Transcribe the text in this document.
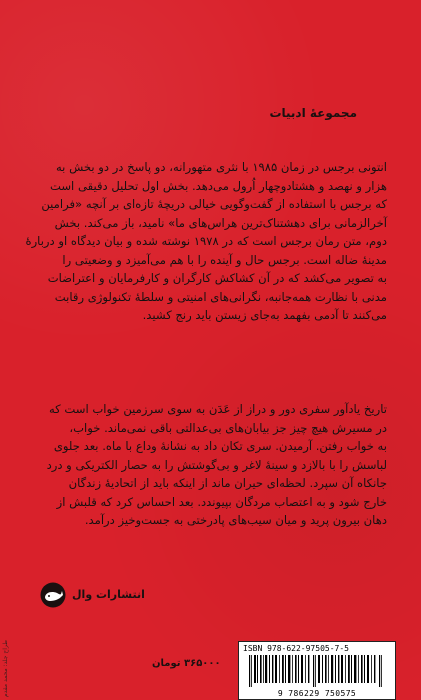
مجموعهٔ ادبیات
انتونی برجس در زمان ۱۹۸۵ با نثری متهورانه، دو پاسخ در دو بخش به
هزار و نهصد و هشتادوچهار اُرول می‌دهد. بخش اول تحلیل دقیقی است
که برجس با استفاده از گفت‌وگویی خیالی دریچهٔ تازه‌ای بر آنچه «فرامین
آخرالزمانی برای دهشتناک‌ترین هراس‌های ما» نامید، باز می‌کند. بخش
دوم، متن رمان برجس است که در ۱۹۷۸ نوشته شده و بیان دیدگاه او دربارهٔ
مدینهٔ ضاله است. برجس حال و آینده را با هم می‌آمیزد و وضعیتی را
به تصویر می‌کشد که در آن کشاکش کارگران و کارفرمایان و اعتراضات
مدنی با نظارت همه‌جانبه، نگرانی‌های امنیتی و سلطهٔ تکنولوژی رقابت
می‌کنند تا آدمی بفهمد به‌جای زیستن باید رنج کشید.
تاریخ یادآور سفری دور و دراز از عَدَن به سوی سرزمین خواب است که
در مسیرش هیچ چیز جز بیابان‌های بی‌عدالتی باقی نمی‌ماند. خواب،
به خواب رفتن. آرمیدن. سری تکان داد به نشانهٔ وداع با ماه. بعد جلوی
لباسش را با بالازد و سینهٔ لاغر و بی‌گوشتش را به حصار الکتریکی و درد
جانکاه آن سپرد. لحظه‌ای حیران ماند از اینکه باید از اتحادیهٔ زندگان
خارج شود و به اعتصاب مردگان بپیوندد. بعد احساس کرد که قلبش از
دهان بیرون پرید و میان سیب‌های پادرختی به جست‌وخیز درآمد.
انتشارات وال
ISBN 978-622-97505-7-5
9 786229 750575
۳۶۵۰۰۰ تومان
طراح جلد: محمد مقدم
